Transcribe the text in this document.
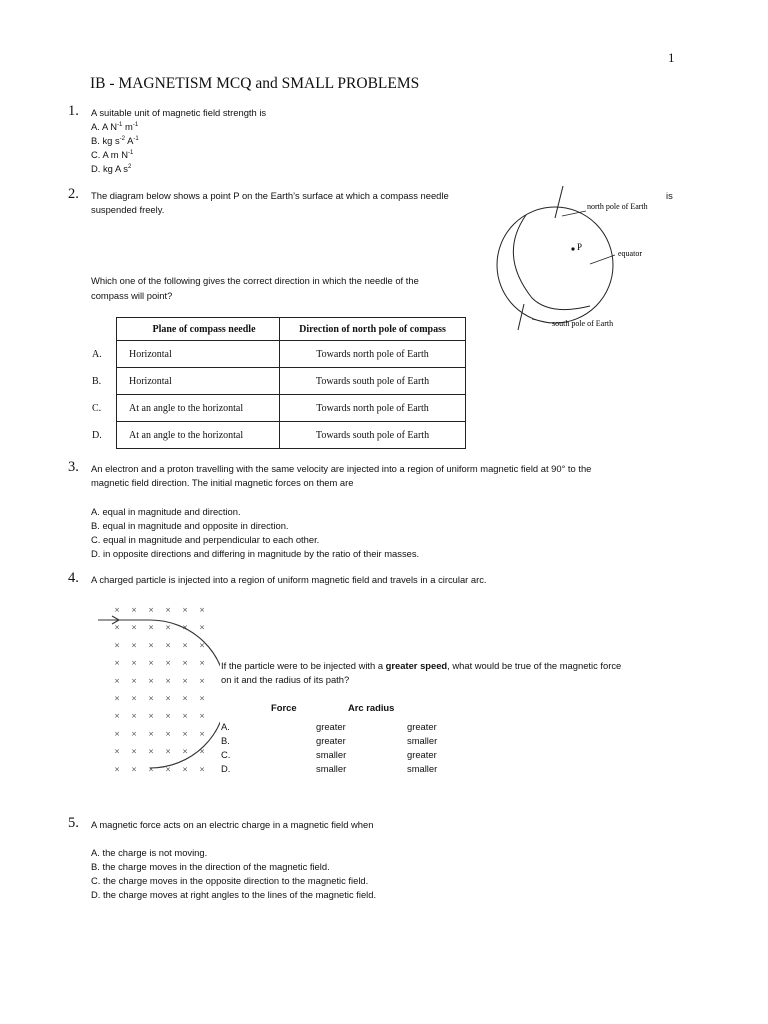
1
IB - MAGNETISM MCQ and SMALL PROBLEMS
1. A suitable unit of magnetic field strength is
A. A $N^{-1}$ $m^{-1}$
B. kg $s^{-2}$ $A^{-1}$
C. A m $N^{-1}$
D. kg A $s^2$
2. The diagram below shows a point P on the Earth’s surface at which a compass needle	is
suspended freely.
Which one of the following gives the correct direction in which the needle of the
compass will point?
P
north pole of Earth
equator
south pole of Earth
	Plane of compass needle	Direction of north pole of compass
A.	Horizontal	Towards north pole of Earth
B.	Horizontal	Towards south pole of Earth
C.	At an angle to the horizontal	Towards north pole of Earth
D.	At an angle to the horizontal	Towards south pole of Earth
3. An electron and a proton travelling with the same velocity are injected into a region of uniform magnetic field at 90° to the
magnetic field direction. The initial magnetic forces on them are
A. equal in magnitude and direction.
B. equal in magnitude and opposite in direction.
C. equal in magnitude and perpendicular to each other.
D. in opposite directions and differing in magnitude by the ratio of their masses.
4. A charged particle is injected into a region of uniform magnetic field and travels in a circular arc.
× × × × × ×
× × × × × ×
× × × × × ×
× × × × × ×
× × × × × ×
× × × × × ×
× × × × × ×
× × × × × ×
× × × × × ×
× × × × × ×
If the particle were to be injected with a greater speed, what would be true of the magnetic force
on it and the radius of its path?
Force	Arc radius
A.	greater	greater
B.	greater	smaller
C.	smaller	greater
D.	smaller	smaller
5. A magnetic force acts on an electric charge in a magnetic field when
A. the charge is not moving.
B. the charge moves in the direction of the magnetic field.
C. the charge moves in the opposite direction to the magnetic field.
D. the charge moves at right angles to the lines of the magnetic field.
